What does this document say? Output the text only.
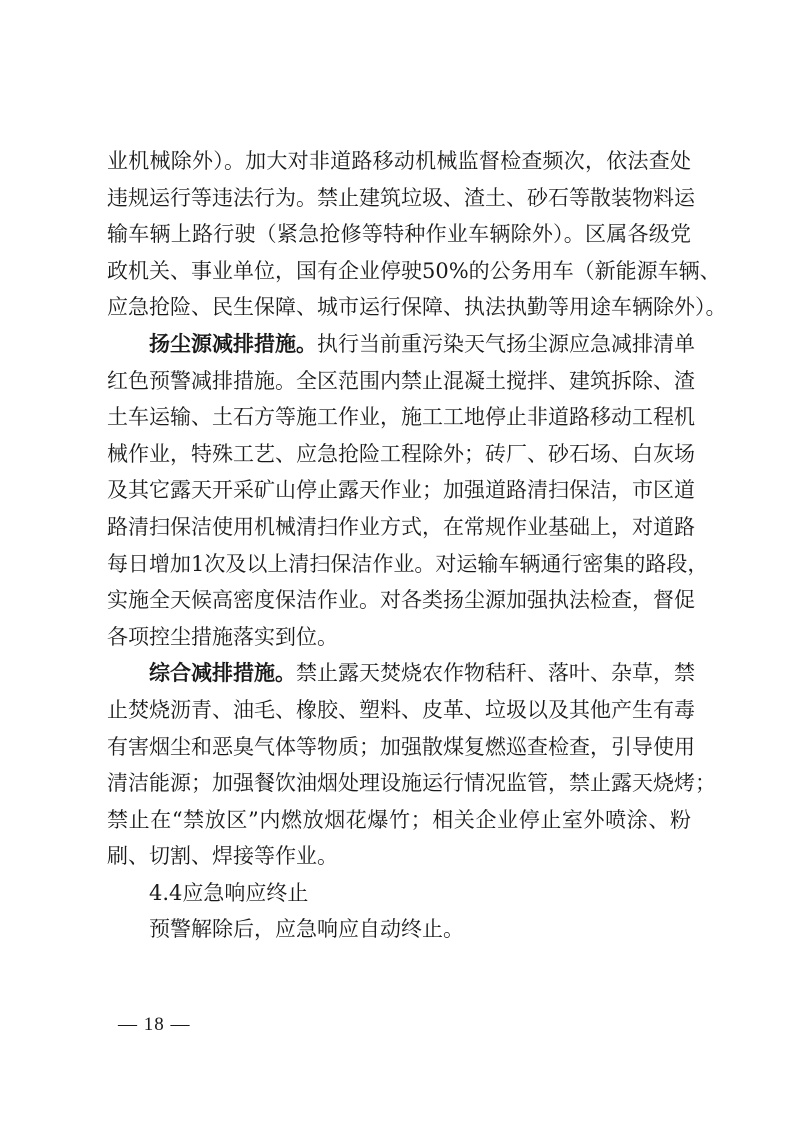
业机械除外）。加大对非道路移动机械监督检查频次，依法查处
违规运行等违法行为。禁止建筑垃圾、渣土、砂石等散装物料运
输车辆上路行驶（紧急抢修等特种作业车辆除外）。区属各级党
政机关、事业单位，国有企业停驶50%的公务用车（新能源车辆、
应急抢险、民生保障、城市运行保障、执法执勤等用途车辆除外）。
扬尘源减排措施。执行当前重污染天气扬尘源应急减排清单
红色预警减排措施。全区范围内禁止混凝土搅拌、建筑拆除、渣
土车运输、土石方等施工作业，施工工地停止非道路移动工程机
械作业，特殊工艺、应急抢险工程除外；砖厂、砂石场、白灰场
及其它露天开采矿山停止露天作业；加强道路清扫保洁，市区道
路清扫保洁使用机械清扫作业方式，在常规作业基础上，对道路
每日增加1次及以上清扫保洁作业。对运输车辆通行密集的路段，
实施全天候高密度保洁作业。对各类扬尘源加强执法检查，督促
各项控尘措施落实到位。
综合减排措施。禁止露天焚烧农作物秸秆、落叶、杂草，禁
止焚烧沥青、油毛、橡胶、塑料、皮革、垃圾以及其他产生有毒
有害烟尘和恶臭气体等物质；加强散煤复燃巡查检查，引导使用
清洁能源；加强餐饮油烟处理设施运行情况监管，禁止露天烧烤；
禁止在“禁放区”内燃放烟花爆竹；相关企业停止室外喷涂、粉
刷、切割、焊接等作业。
4.4应急响应终止
预警解除后，应急响应自动终止。
— 18 —
